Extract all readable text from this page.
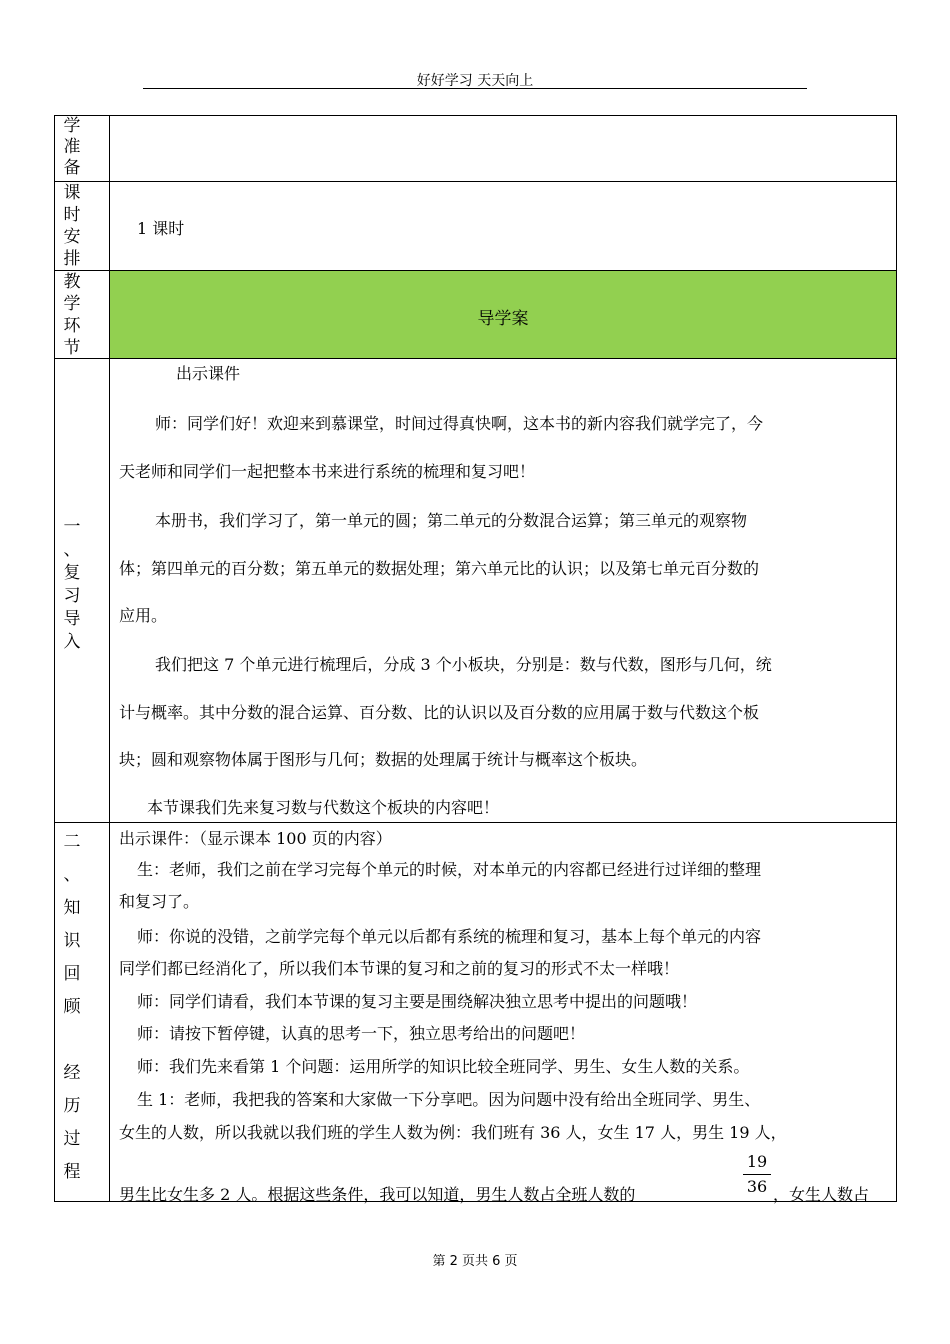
好好学习 天天向上
学
准
备
课
时
安
排
1 课时
教
学
环
节
导学案
一
、
复
习
导
入
出示课件
师：同学们好！欢迎来到慕课堂，时间过得真快啊，这本书的新内容我们就学完了，今
天老师和同学们一起把整本书来进行系统的梳理和复习吧！
本册书，我们学习了，第一单元的圆；第二单元的分数混合运算；第三单元的观察物
体；第四单元的百分数；第五单元的数据处理；第六单元比的认识；以及第七单元百分数的
应用。
我们把这 7 个单元进行梳理后，分成 3 个小板块，分别是：数与代数，图形与几何，统
计与概率。其中分数的混合运算、百分数、比的认识以及百分数的应用属于数与代数这个板
块；圆和观察物体属于图形与几何；数据的处理属于统计与概率这个板块。
本节课我们先来复习数与代数这个板块的内容吧！
二
、
知
识
回
顾
经
历
过
程
出示课件：（显示课本 100 页的内容）
生：老师，我们之前在学习完每个单元的时候，对本单元的内容都已经进行过详细的整理
和复习了。
师：你说的没错，之前学完每个单元以后都有系统的梳理和复习，基本上每个单元的内容
同学们都已经消化了，所以我们本节课的复习和之前的复习的形式不太一样哦！
师：同学们请看，我们本节课的复习主要是围绕解决独立思考中提出的问题哦！
师：请按下暂停键，认真的思考一下，独立思考给出的问题吧！
师：我们先来看第 1 个问题：运用所学的知识比较全班同学、男生、女生人数的关系。
生 1：老师，我把我的答案和大家做一下分享吧。因为问题中没有给出全班同学、男生、
女生的人数，所以我就以我们班的学生人数为例：我们班有 36 人，女生 17 人，男生 19 人，
男生比女生多 2 人。根据这些条件，我可以知道，男生人数占全班人数的
19
36 ，女生人数占
第 2 页共 6 页
